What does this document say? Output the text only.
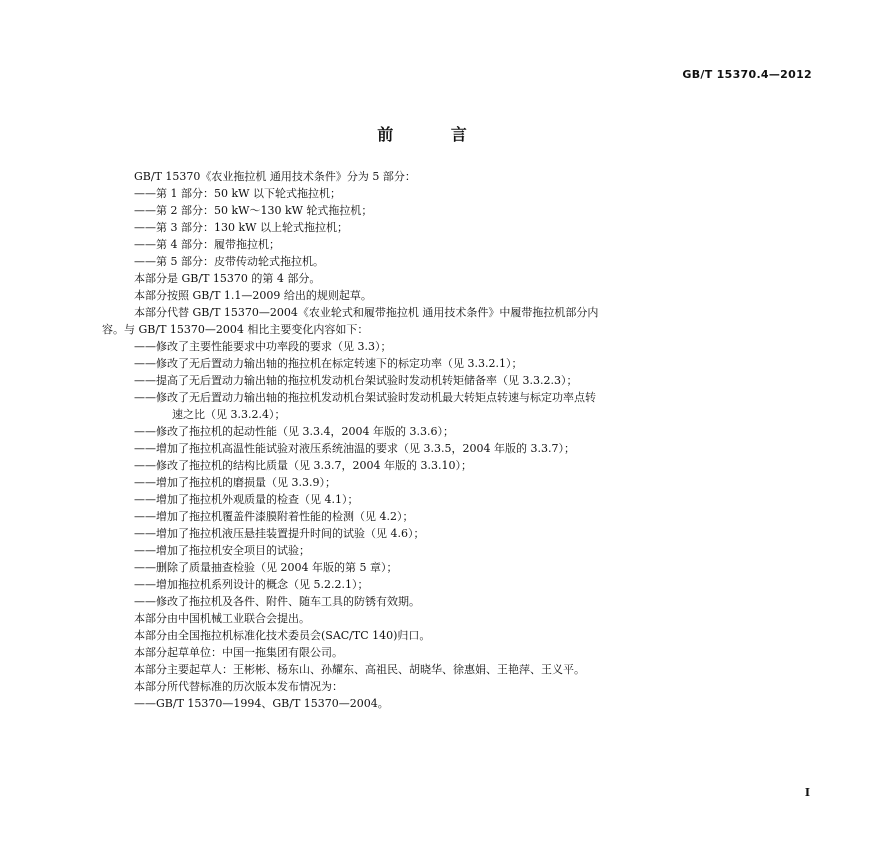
GB/T 15370.4—2012
前 言
GB/T 15370《农业拖拉机 通用技术条件》分为 5 部分：
——第 1 部分：50 kW 以下轮式拖拉机；
——第 2 部分：50 kW～130 kW 轮式拖拉机；
——第 3 部分：130 kW 以上轮式拖拉机；
——第 4 部分：履带拖拉机；
——第 5 部分：皮带传动轮式拖拉机。
本部分是 GB/T 15370 的第 4 部分。
本部分按照 GB/T 1.1—2009 给出的规则起草。
本部分代替 GB/T 15370—2004《农业轮式和履带拖拉机 通用技术条件》中履带拖拉机部分内
容。与 GB/T 15370—2004 相比主要变化内容如下：
——修改了主要性能要求中功率段的要求（见 3.3）；
——修改了无后置动力输出轴的拖拉机在标定转速下的标定功率（见 3.3.2.1）；
——提高了无后置动力输出轴的拖拉机发动机台架试验时发动机转矩储备率（见 3.3.2.3）；
——修改了无后置动力输出轴的拖拉机发动机台架试验时发动机最大转矩点转速与标定功率点转
速之比（见 3.3.2.4）；
——修改了拖拉机的起动性能（见 3.3.4，2004 年版的 3.3.6）；
——增加了拖拉机高温性能试验对液压系统油温的要求（见 3.3.5，2004 年版的 3.3.7）；
——修改了拖拉机的结构比质量（见 3.3.7，2004 年版的 3.3.10）；
——增加了拖拉机的磨损量（见 3.3.9）；
——增加了拖拉机外观质量的检查（见 4.1）；
——增加了拖拉机覆盖件漆膜附着性能的检测（见 4.2）；
——增加了拖拉机液压悬挂装置提升时间的试验（见 4.6）；
——增加了拖拉机安全项目的试验；
——删除了质量抽查检验（见 2004 年版的第 5 章）；
——增加拖拉机系列设计的概念（见 5.2.2.1）；
——修改了拖拉机及各件、附件、随车工具的防锈有效期。
本部分由中国机械工业联合会提出。
本部分由全国拖拉机标准化技术委员会(SAC/TC 140)归口。
本部分起草单位：中国一拖集团有限公司。
本部分主要起草人：王彬彬、杨东山、孙耀东、高祖民、胡晓华、徐惠娟、王艳萍、王义平。
本部分所代替标准的历次版本发布情况为：
——GB/T 15370—1994、GB/T 15370—2004。
I
